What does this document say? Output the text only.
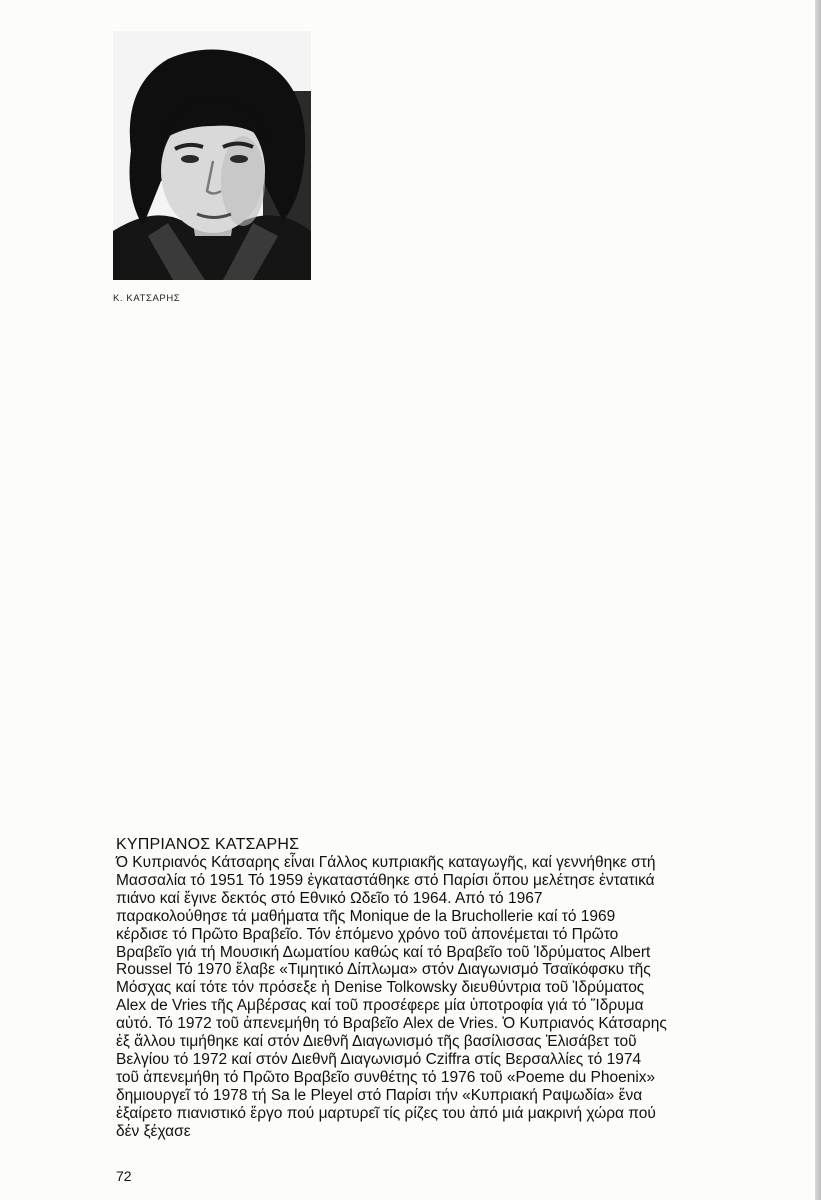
Κ. ΚΑΤΣΑΡΗΣ
ΚΥΠΡΙΑΝΟΣ ΚΑΤΣΑΡΗΣ
Ό Κυπριανός Κάτσαρης εἶναι Γάλλος κυπριακῆς καταγωγῆς, καί γεννήθηκε στή
Μασσαλία τό 1951 Τό 1959 ἐγκαταστάθηκε στό Παρίσι ὅπου μελέτησε ἐντατικά
πιάνο καί ἔγινε δεκτός στό Εθνικό Ωδεῖο τό 1964. Από τό 1967
παρακολούθησε τά μαθήματα τῆς Monique de la Bruchollerie καί τό 1969
κέρδισε τό Πρῶτο Βραβεῖο. Τόν ἑπόμενο χρόνο τοῦ ἀπονέμεται τό Πρῶτο
Βραβεῖο γιά τή Μουσική Δωματίου καθώς καί τό Βραβεῖο τοῦ Ἱδρύματος Albert
Roussel Τό 1970 ἔλαβε «Τιμητικό Δίπλωμα» στόν Διαγωνισμό Τσαϊκόφσκυ τῆς
Μόσχας καί τότε τόν πρόσεξε ἡ Denise Tolkowsky διευθύντρια τοῦ Ἱδρύματος
Alex de Vries τῆς Αμβέρσας καί τοῦ προσέφερε μία ὑποτροφία γιά τό Ἵδρυμα
αὐτό. Τό 1972 τοῦ ἀπενεμήθη τό Βραβεῖο Alex de Vries. Ὁ Κυπριανός Κάτσαρης
ἐξ ἄλλου τιμήθηκε καί στόν Διεθνῆ Διαγωνισμό τῆς βασίλισσας Ἐλισάβετ τοῦ
Βελγίου τό 1972 καί στόν Διεθνῆ Διαγωνισμό Cziffra στίς Βερσαλλίες τό 1974
τοῦ ἀπενεμήθη τό Πρῶτο Βραβεῖο συνθέτης τό 1976 τοῦ «Poeme du Phoenix»
δημιουργεῖ τό 1978 τή Sa le Pleyel στό Παρίσι τήν «Κυπριακή Ραψωδία» ἕνα
ἐξαίρετο πιανιστικό ἔργο πού μαρτυρεῖ τίς ρίζες του ἀπό μιά μακρινή χώρα πού
δέν ξέχασε
72
